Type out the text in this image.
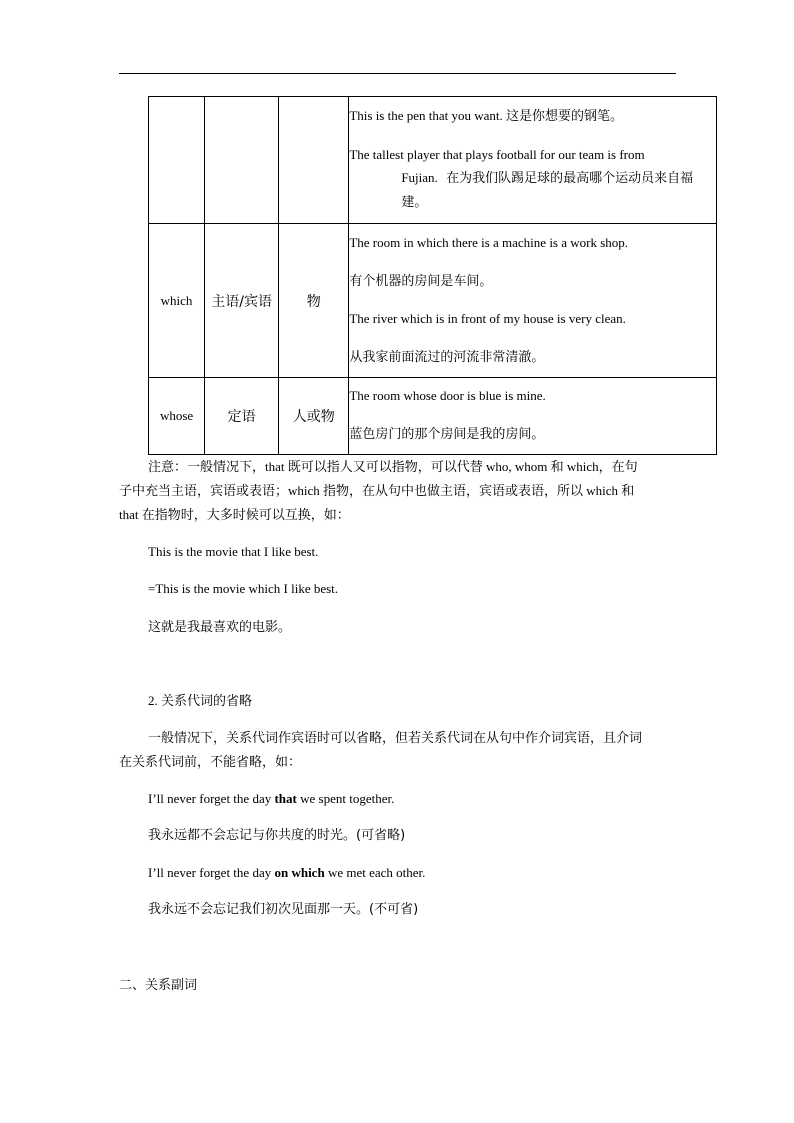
			This is the pen that you want. 这是你想要的钢笔。

The tallest player that plays football for our team is from

Fujian. 在为我们队踢足球的最高哪个运动员来自福建。

which	主语/宾语	物	The room in which there is a machine is a work shop.

有个机器的房间是车间。

The river which is in front of my house is very clean.

从我家前面流过的河流非常清澈。

whose	定语	人或物	The room whose door is blue is mine.

蓝色房门的那个房间是我的房间。

注意：一般情况下，that 既可以指人又可以指物，可以代替 who, whom 和 which，在句

子中充当主语，宾语或表语；which 指物，在从句中也做主语，宾语或表语，所以 which 和

that 在指物时，大多时候可以互换，如：

This is the movie that I like best.

=This is the movie which I like best.

这就是我最喜欢的电影。

2. 关系代词的省略

一般情况下，关系代词作宾语时可以省略，但若关系代词在从句中作介词宾语，且介词

在关系代词前，不能省略，如：

I’ll never forget the day that we spent together.

我永远都不会忘记与你共度的时光。(可省略)

I’ll never forget the day on which we met each other.

我永远不会忘记我们初次见面那一天。(不可省)

二、关系副词
